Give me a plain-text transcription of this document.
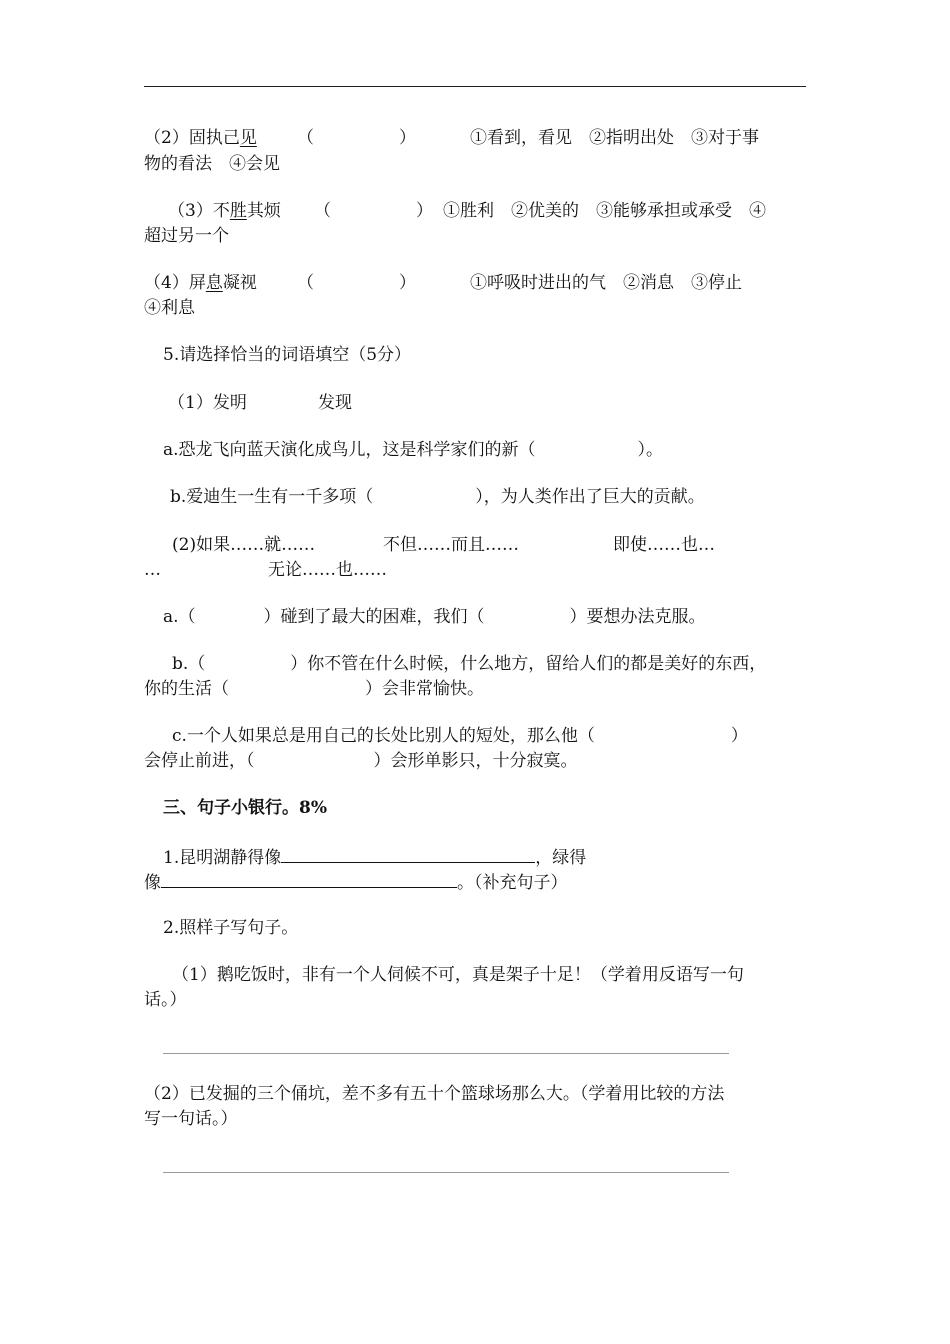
（2）固执己见 （　　　　　）	①看到，看见　②指明出处　③对于事
物的看法　④会见
（3）不胜其烦 （　　　　　） ①胜利　②优美的　③能够承担或承受　④
超过另一个
（4）屏息凝视 （　　　　　）	①呼吸时进出的气　②消息　③停止
④利息
5.请选择恰当的词语填空（5分）
（1）发明	发现
a.恐龙飞向蓝天演化成鸟儿，这是科学家们的新（　　　　　　）。
b.爱迪生一生有一千多项（　　　　　　），为人类作出了巨大的贡献。
(2)如果……就……	不但……而且……	即使……也…
…	无论……也……
a.（　　　　）碰到了最大的困难，我们（　　　　　）要想办法克服。
b.（　　　　　）你不管在什么时候，什么地方，留给人们的都是美好的东西，
你的生活（　　　　　　　　）会非常愉快。
c.一个人如果总是用自己的长处比别人的短处，那么他（　　　　　　　　）
会停止前进，（　　　　　　　）会形单影只，十分寂寞。
三、句子小银行。8%
1.昆明湖静得像	，绿得
像	。（补充句子）
2.照样子写句子。
（1）鹅吃饭时，非有一个人伺候不可，真是架子十足！（学着用反语写一句
话。）
（2）已发掘的三个俑坑，差不多有五十个篮球场那么大。（学着用比较的方法
写一句话。）
